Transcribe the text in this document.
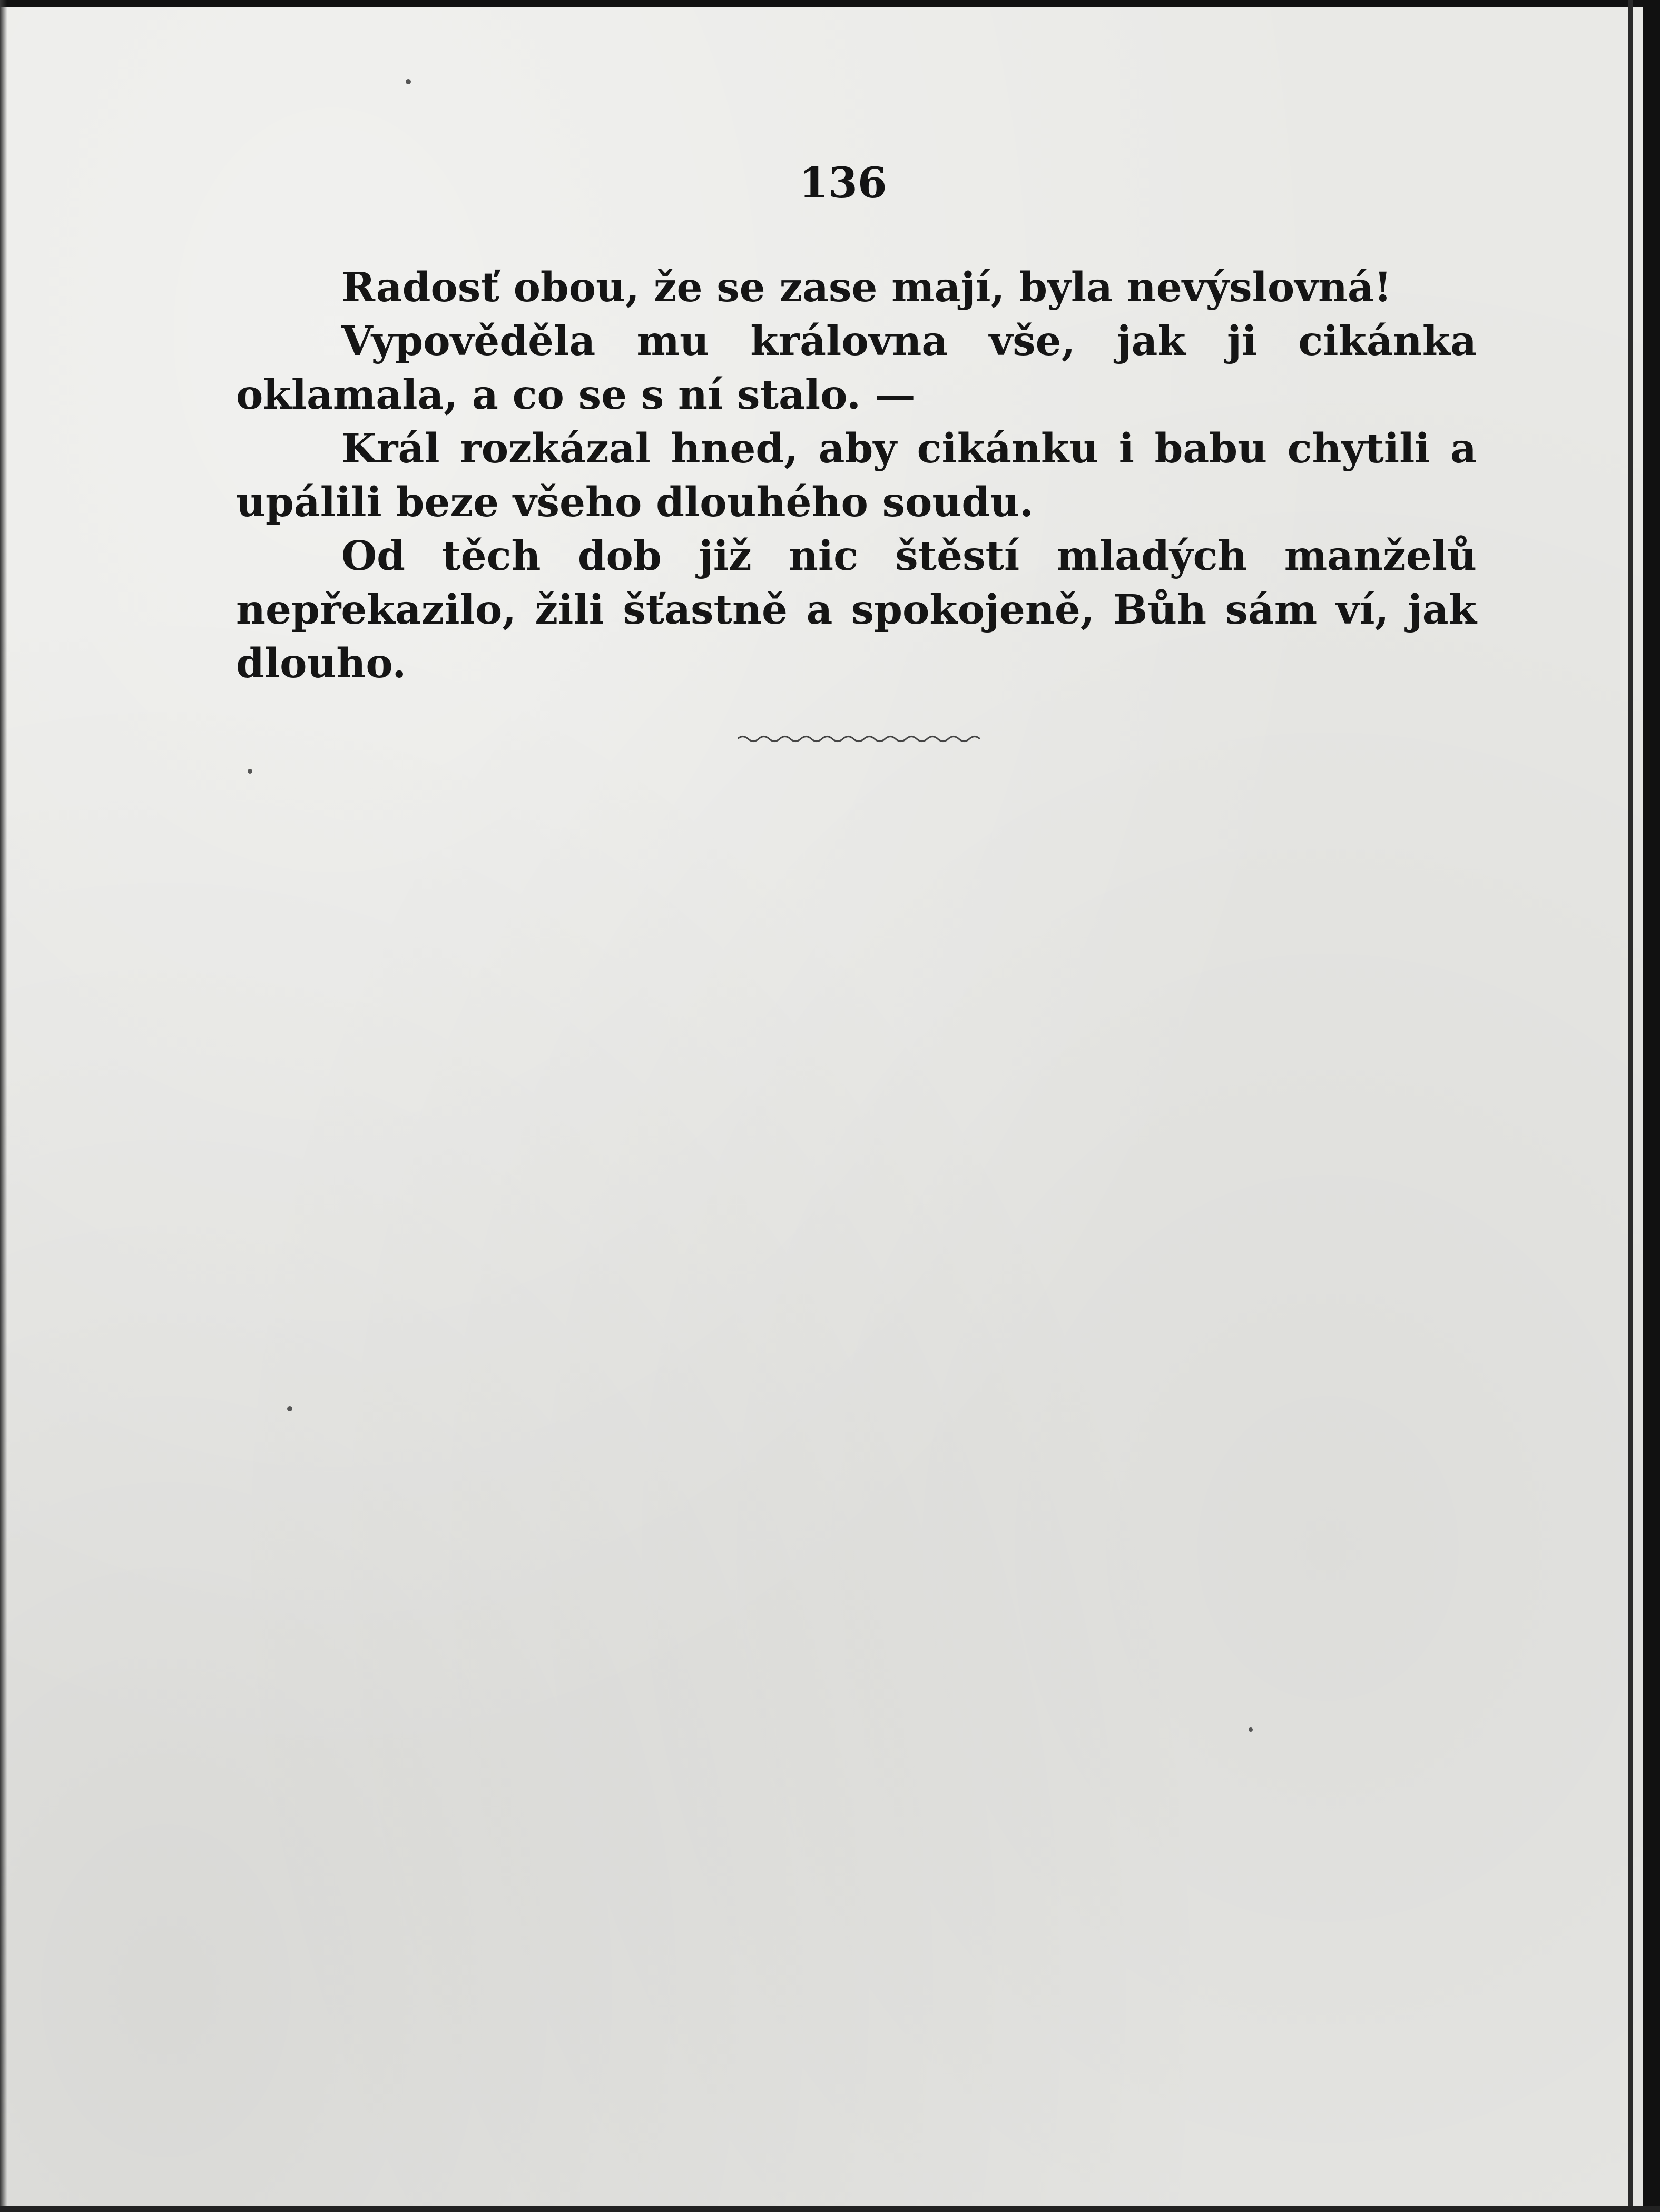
136

Radosť obou, že se zase mají, byla nevýslovná!

Vypověděla mu královna vše, jak ji cikánka oklamala, a co se s ní stalo. —

Král rozkázal hned, aby cikánku i babu chytili a upálili beze všeho dlouhého soudu.

Od těch dob již nic štěstí mladých manželů nepřekazilo, žili šťastně a spokojeně, Bůh sám ví, jak dlouho.
